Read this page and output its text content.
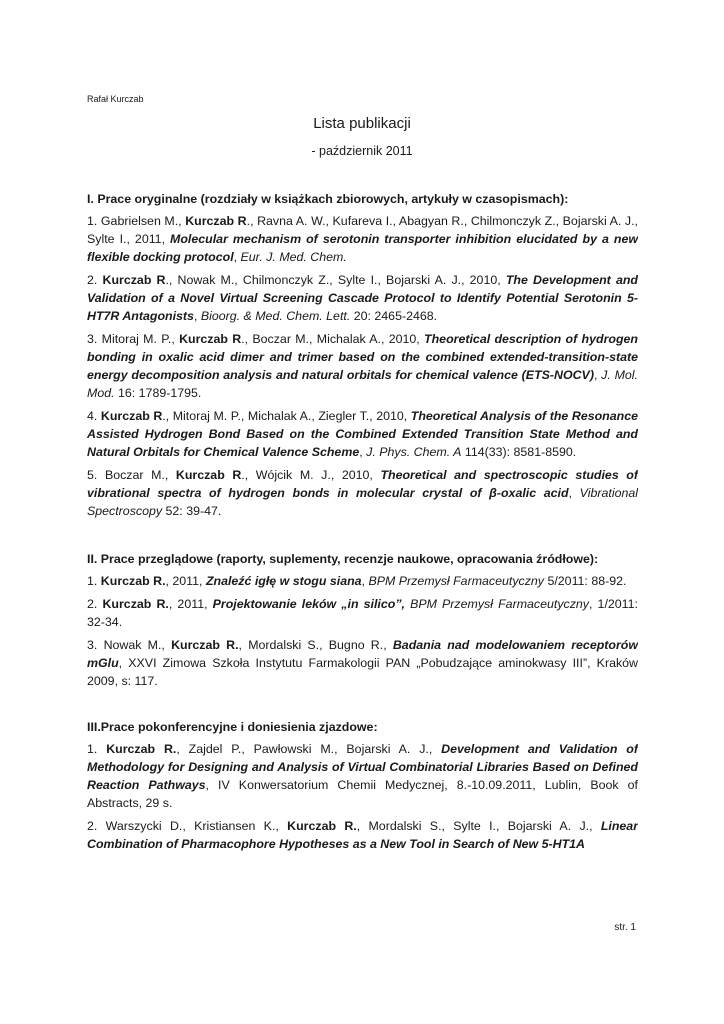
Rafał Kurczab
Lista publikacji
- październik 2011
I. Prace oryginalne (rozdziały w książkach zbiorowych, artykuły w czasopismach):
1. Gabrielsen M., Kurczab R., Ravna A. W., Kufareva I., Abagyan R., Chilmonczyk Z., Bojarski A. J., Sylte I., 2011, Molecular mechanism of serotonin transporter inhibition elucidated by a new flexible docking protocol, Eur. J. Med. Chem.
2. Kurczab R., Nowak M., Chilmonczyk Z., Sylte I., Bojarski A. J., 2010, The Development and Validation of a Novel Virtual Screening Cascade Protocol to Identify Potential Serotonin 5-HT7R Antagonists, Bioorg. & Med. Chem. Lett. 20: 2465-2468.
3. Mitoraj M. P., Kurczab R., Boczar M., Michalak A., 2010, Theoretical description of hydrogen bonding in oxalic acid dimer and trimer based on the combined extended-transition-state energy decomposition analysis and natural orbitals for chemical valence (ETS-NOCV), J. Mol. Mod. 16: 1789-1795.
4. Kurczab R., Mitoraj M. P., Michalak A., Ziegler T., 2010, Theoretical Analysis of the Resonance Assisted Hydrogen Bond Based on the Combined Extended Transition State Method and Natural Orbitals for Chemical Valence Scheme, J. Phys. Chem. A 114(33): 8581-8590.
5. Boczar M., Kurczab R., Wójcik M. J., 2010, Theoretical and spectroscopic studies of vibrational spectra of hydrogen bonds in molecular crystal of β-oxalic acid, Vibrational Spectroscopy 52: 39-47.
II. Prace przeglądowe (raporty, suplementy, recenzje naukowe, opracowania źródłowe):
1. Kurczab R., 2011, Znaleźć igłę w stogu siana, BPM Przemysł Farmaceutyczny 5/2011: 88-92.
2. Kurczab R., 2011, Projektowanie leków „in silico”, BPM Przemysł Farmaceutyczny, 1/2011: 32-34.
3. Nowak M., Kurczab R., Mordalski S., Bugno R., Badania nad modelowaniem receptorów mGlu, XXVI Zimowa Szkoła Instytutu Farmakologii PAN „Pobudzające aminokwasy III”, Kraków 2009, s: 117.
III.Prace pokonferencyjne i doniesienia zjazdowe:
1. Kurczab R., Zajdel P., Pawłowski M., Bojarski A. J., Development and Validation of Methodology for Designing and Analysis of Virtual Combinatorial Libraries Based on Defined Reaction Pathways, IV Konwersatorium Chemii Medycznej, 8.-10.09.2011, Lublin, Book of Abstracts, 29 s.
2. Warszycki D., Kristiansen K., Kurczab R., Mordalski S., Sylte I., Bojarski A. J., Linear Combination of Pharmacophore Hypotheses as a New Tool in Search of New 5-HT1A
str. 1
